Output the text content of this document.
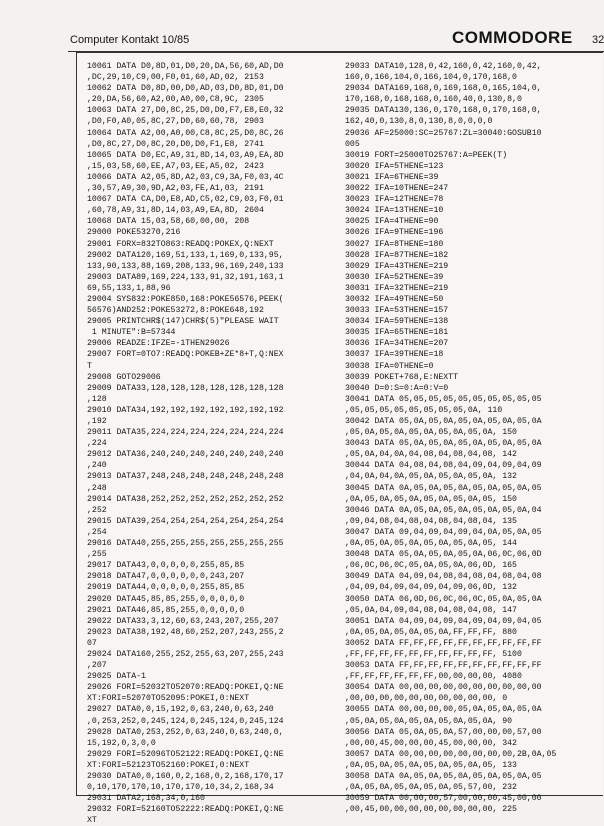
Computer Kontakt 10/85	COMMODORE 32
10061 DATA D0,8D,01,D0,20,DA,56,60,AD,D0
,DC,29,10,C9,00,F0,01,60,AD,02, 2153
10062 DATA D0,8D,00,D0,AD,03,D0,8D,01,D0
,20,DA,56,60,A2,00,A0,00,C8,9C, 2305
10063 DATA 27,D0,8C,25,D0,D0,F7,E8,E0,32
,D0,F0,A0,05,8C,27,D0,60,60,78, 2903
10064 DATA A2,00,A0,00,C8,8C,25,D0,8C,26
,D0,8C,27,D0,8C,20,D0,D0,F1,E8, 2741
10065 DATA D0,EC,A9,31,8D,14,03,A9,EA,8D
,15,03,58,60,EE,A7,03,EE,A5,02, 2423
10066 DATA A2,05,8D,A2,03,C9,3A,F0,03,4C
,30,57,A9,30,9D,A2,03,FE,A1,03, 2191
10067 DATA CA,D0,E8,AD,C5,02,C9,03,F0,01
,60,78,A9,31,8D,14,03,A9,EA,8D, 2604
10068 DATA 15,03,58,60,00,00, 208
29000 POKE53270,216
29001 FORX=832TO863:READQ:POKEX,Q:NEXT
29002 DATA120,169,51,133,1,169,0,133,95,
133,90,133,88,169,208,133,96,169,240,133
29003 DATA89,169,224,133,91,32,191,163,1
69,55,133,1,88,96
29004 SYS832:POKE850,168:POKE56576,PEEK(
56576)AND252:POKE53272,8:POKE648,192
29005 PRINTCHR$(147)CHR$(5)"PLEASE WAIT
1 MINUTE":B=57344
29006 READZE:IFZE=-1THEN29026
29007 FORT=0TO7:READQ:POKEB+ZE*8+T,Q:NEX
T
29008 GOTO29006
29009 DATA33,128,128,128,128,128,128,128
,128
29010 DATA34,192,192,192,192,192,192,192
,192
29011 DATA35,224,224,224,224,224,224,224
,224
29012 DATA36,240,240,240,240,240,240,240
,240
29013 DATA37,248,248,248,248,248,248,248
,248
29014 DATA38,252,252,252,252,252,252,252
,252
29015 DATA39,254,254,254,254,254,254,254
,254
29016 DATA40,255,255,255,255,255,255,255
,255
29017 DATA43,0,0,0,0,0,255,85,85
29018 DATA47,0,0,0,0,0,0,243,207
29019 DATA44,0,0,0,0,0,255,85,85
29020 DATA45,85,85,255,0,0,0,0,0
29021 DATA46,85,85,255,0,0,0,0,0
29022 DATA33,3,12,60,63,243,207,255,207
29023 DATA38,192,48,60,252,207,243,255,2
07
29024 DATA160,255,252,255,63,207,255,243
,207
29025 DATA-1
29026 FORI=52032TO52070:READQ:POKEI,Q:NE
XT:FORI=52070TO52095:POKEI,0:NEXT
29027 DATA0,0,15,192,0,63,240,0,63,240
,0,253,252,0,245,124,0,245,124,0,245,124
29028 DATA0,253,252,0,63,240,0,63,240,0,
15,192,0,3,0,0
29029 FORI=52096TO52122:READQ:POKEI,Q:NE
XT:FORI=52123TO52160:POKEI,0:NEXT
29030 DATA0,0,160,0,2,168,0,2,168,170,17
0,10,170,170,10,170,170,10,34,2,168,34
29031 DATA2,168,34,0,160
29032 FORI=52160TO52222:READQ:POKEI,Q:NE
XT
29033 DATA10,128,0,42,160,0,42,160,0,42,
160,0,166,104,0,166,104,0,170,168,0
29034 DATA169,168,0,169,168,0,165,104,0,
170,168,0,168,168,0,160,40,0,130,8,0
29035 DATA130,136,0,170,168,0,170,168,0,
162,40,0,130,8,0,130,8,0,0,0,0
29036 AF=25000:SC=25767:ZL=30040:GOSUB10
005
30019 FORT=25000TO25767:A=PEEK(T)
30020 IFA=5THENE=123
30021 IFA=6THENE=39
30022 IFA=10THENE=247
30023 IFA=12THENE=78
30024 IFA=13THENE=10
30025 IFA=4THENE=90
30026 IFA=9THENE=196
30027 IFA=8THENE=180
30028 IFA=87THENE=182
30029 IFA=43THENE=219
30030 IFA=52THENE=39
30031 IFA=32THENE=219
30032 IFA=49THENE=50
30033 IFA=53THENE=157
30034 IFA=59THENE=138
30035 IFA=65THENE=181
30036 IFA=34THENE=207
30037 IFA=39THENE=18
30038 IFA=0THENE=0
30039 POKET+768,E:NEXTT
30040 D=0:S=0:A=0:V=0
30041 DATA 05,05,05,05,05,05,05,05,05,05
,05,05,05,05,05,05,05,05,0A, 110
30042 DATA 05,0A,05,0A,05,0A,05,0A,05,0A
,05,0A,05,0A,05,0A,05,0A,05,0A, 150
30043 DATA 05,0A,05,0A,05,0A,05,0A,05,0A
,05,0A,04,0A,04,08,04,08,04,08, 142
30044 DATA 04,08,04,08,04,09,04,09,04,09
,04,0A,04,0A,05,0A,05,0A,05,0A, 132
30045 DATA 0A,05,0A,05,0A,05,0A,05,0A,05
,0A,05,0A,05,0A,05,0A,05,0A,05, 150
30046 DATA 0A,05,0A,05,0A,05,0A,05,0A,04
,09,04,08,04,08,04,08,04,08,04, 135
30047 DATA 09,04,09,04,09,04,0A,05,0A,05
,0A,05,0A,05,0A,05,0A,05,0A,05, 144
30048 DATA 05,0A,05,0A,05,0A,06,0C,06,0D
,06,0C,06,0C,05,0A,05,0A,06,0D, 165
30049 DATA 04,09,04,08,04,08,04,08,04,08
,04,09,04,09,04,09,04,09,06,0D, 132
30050 DATA 06,0D,06,0C,06,0C,05,0A,05,0A
,05,0A,04,09,04,08,04,08,04,08, 147
30051 DATA 04,09,04,09,04,09,04,09,04,05
,0A,05,0A,05,0A,05,0A,FF,FF,FF, 880
30052 DATA FF,FF,FF,FF,FF,FF,FF,FF,FF,FF
,FF,FF,FF,FF,FF,FF,FF,FF,FF,FF, 5100
30053 DATA FF,FF,FF,FF,FF,FF,FF,FF,FF,FF
,FF,FF,FF,FF,FF,FF,00,00,00,00, 4080
30054 DATA 00,00,00,00,00,00,00,00,00,00
,00,00,00,00,00,00,00,00,00,00, 0
30055 DATA 00,00,00,00,05,0A,05,0A,05,0A
,05,0A,05,0A,05,0A,05,0A,05,0A, 90
30056 DATA 05,0A,05,0A,57,00,00,00,57,00
,00,00,45,00,00,00,45,00,00,00, 342
30057 DATA 00,00,00,00,00,00,00,00,2B,0A,05
,0A,05,0A,05,0A,05,0A,05,0A,05, 133
30058 DATA 0A,05,0A,05,0A,05,0A,05,0A,05
,0A,05,0A,05,0A,05,0A,05,57,00, 232
30059 DATA 00,00,00,57,00,00,00,45,00,00
,00,45,00,00,00,00,00,00,00,00, 225
